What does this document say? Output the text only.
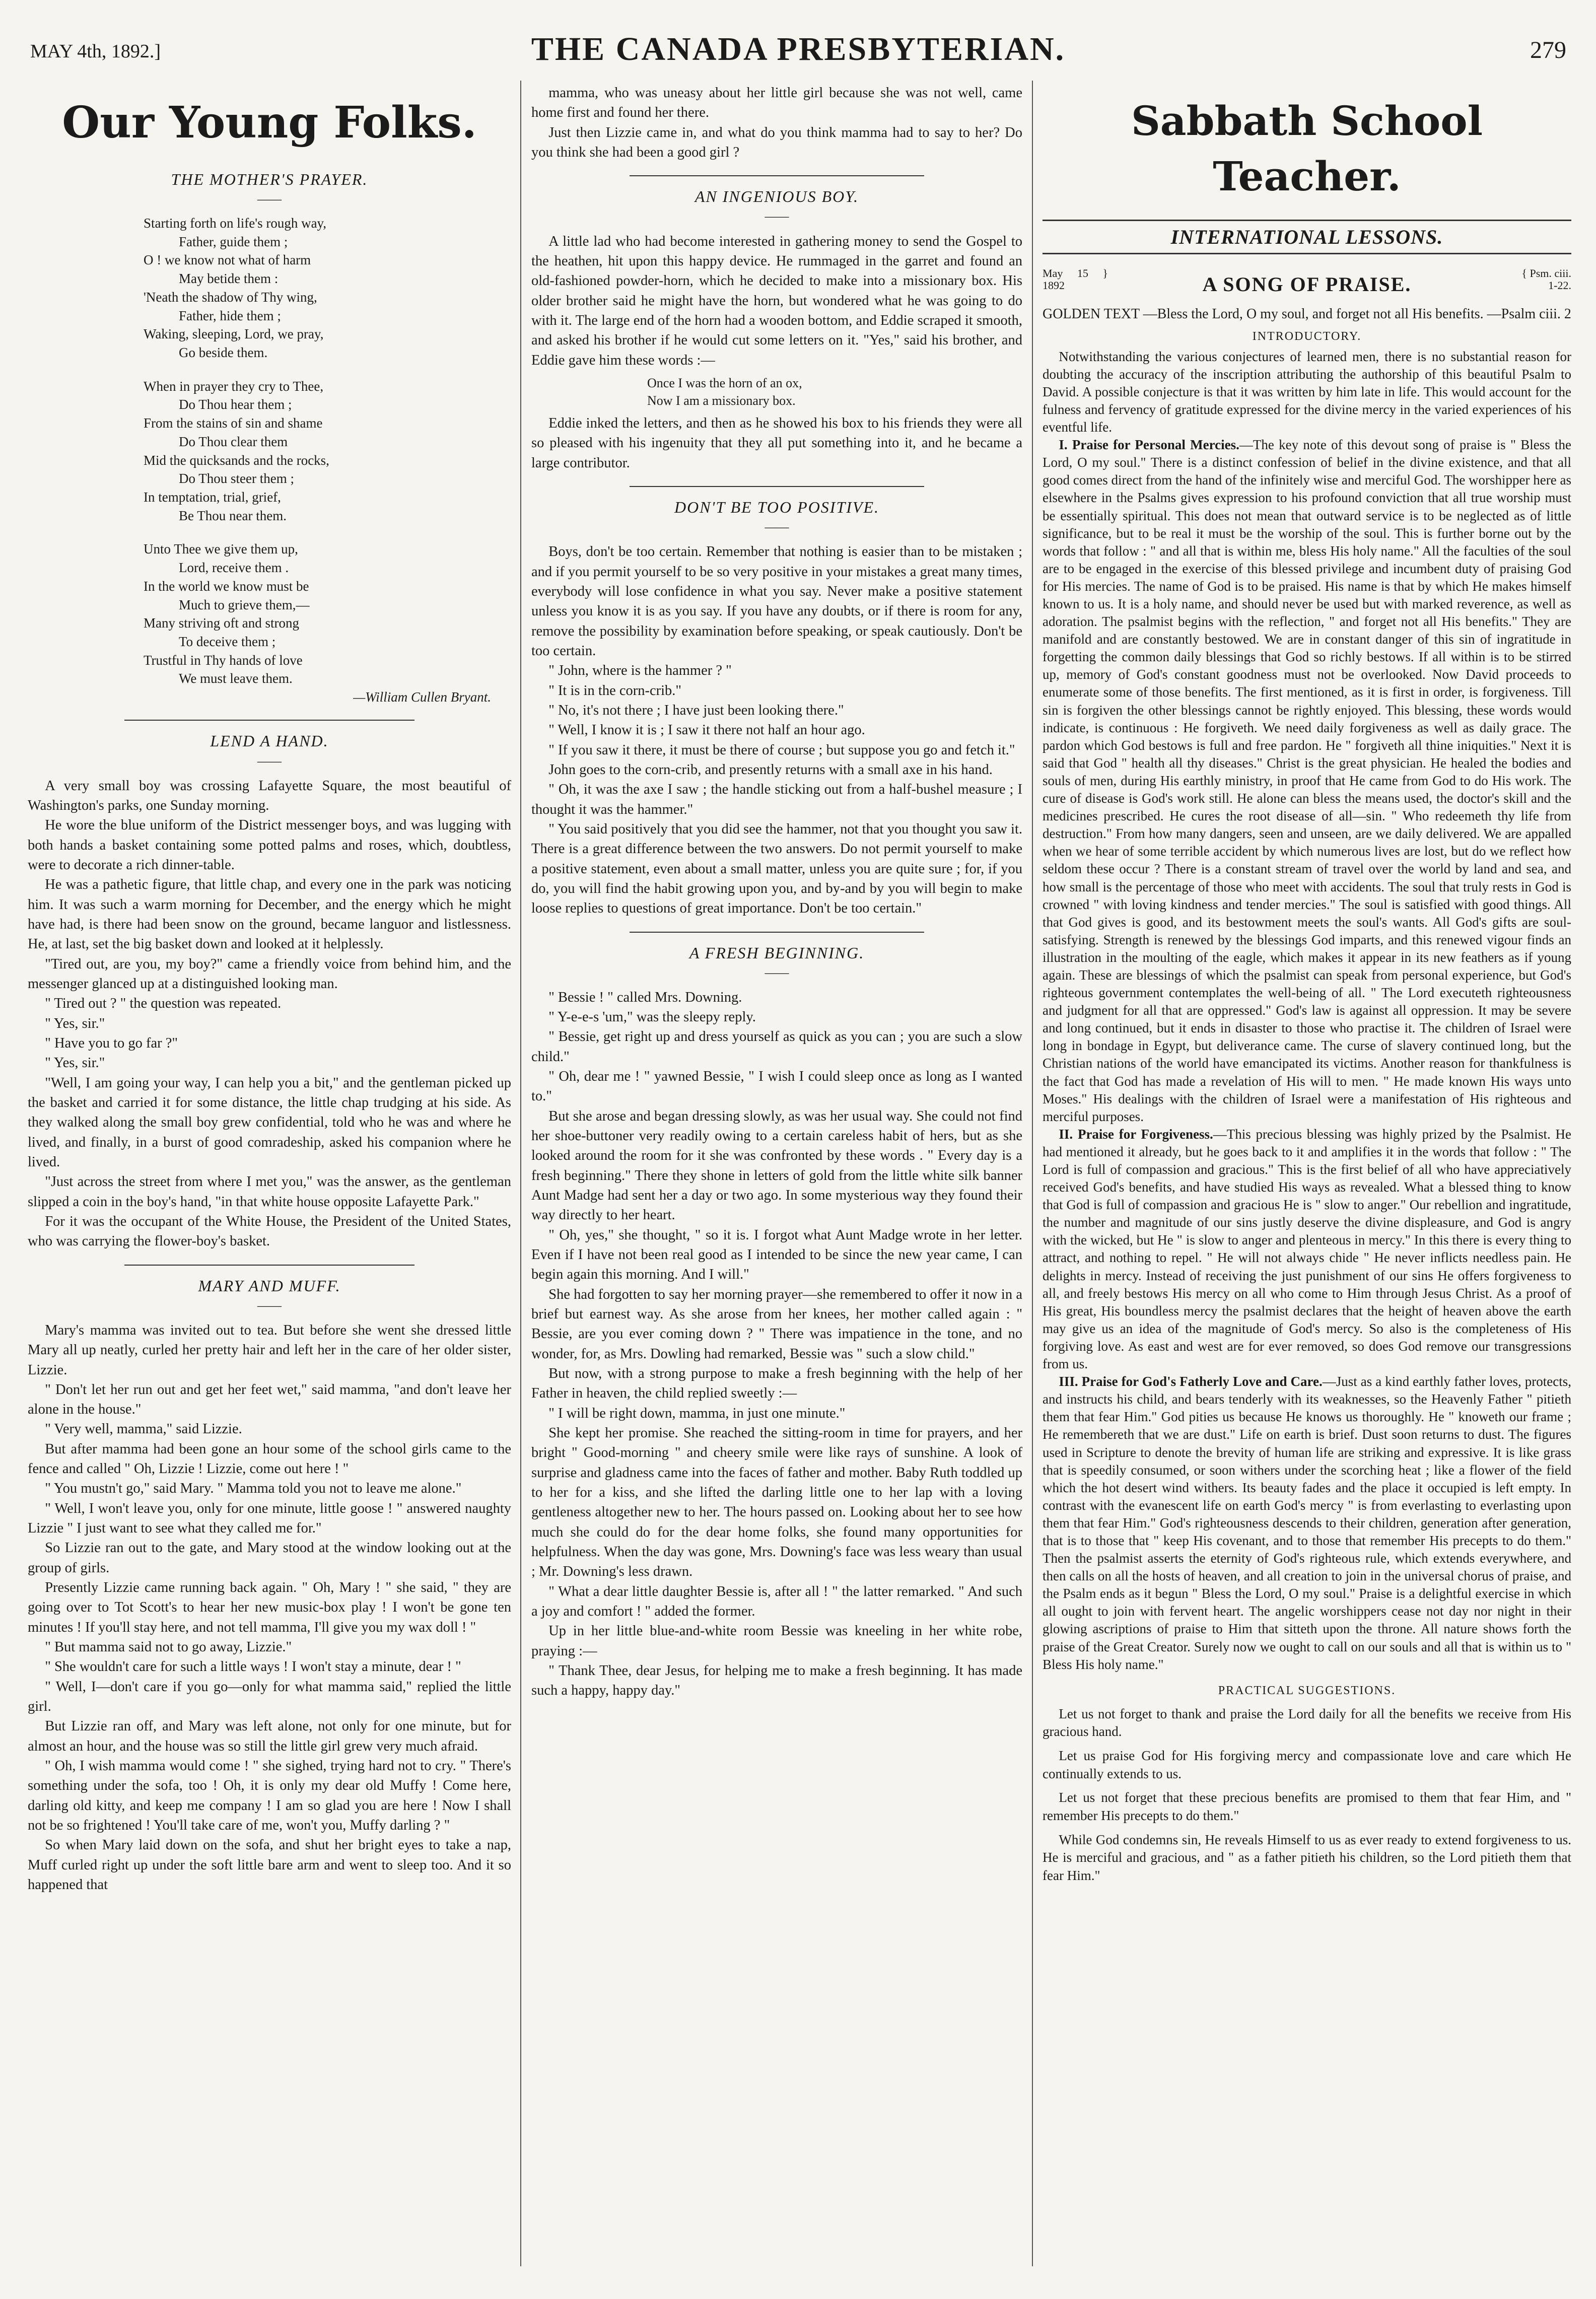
MAY 4th, 1892.]	THE CANADA PRESBYTERIAN.	279
Our Young Folks.
THE MOTHER'S PRAYER.
——
Starting forth on life's rough way,
Father, guide them ;
O ! we know not what of harm
May betide them :
'Neath the shadow of Thy wing,
Father, hide them ;
Waking, sleeping, Lord, we pray,
Go beside them.
When in prayer they cry to Thee,
Do Thou hear them ;
From the stains of sin and shame
Do Thou clear them
Mid the quicksands and the rocks,
Do Thou steer them ;
In temptation, trial, grief,
Be Thou near them.
Unto Thee we give them up,
Lord, receive them .
In the world we know must be
Much to grieve them,—
Many striving oft and strong
To deceive them ;
Trustful in Thy hands of love
We must leave them.
—William Cullen Bryant.
LEND A HAND.
——

A very small boy was crossing Lafayette Square, the most beautiful of Washington's parks, one Sunday morning.

He wore the blue uniform of the District messenger boys, and was lugging with both hands a basket containing some potted palms and roses, which, doubtless, were to decorate a rich dinner-table.

He was a pathetic figure, that little chap, and every one in the park was noticing him. It was such a warm morning for December, and the energy which he might have had, is there had been snow on the ground, became languor and listlessness. He, at last, set the big basket down and looked at it helplessly.

"Tired out, are you, my boy?" came a friendly voice from behind him, and the messenger glanced up at a distinguished looking man.

" Tired out ? " the question was repeated.

" Yes, sir."

" Have you to go far ?"

" Yes, sir."

"Well, I am going your way, I can help you a bit," and the gentleman picked up the basket and carried it for some distance, the little chap trudging at his side. As they walked along the small boy grew confidential, told who he was and where he lived, and finally, in a burst of good comradeship, asked his companion where he lived.

"Just across the street from where I met you," was the answer, as the gentleman slipped a coin in the boy's hand, "in that white house opposite Lafayette Park."

For it was the occupant of the White House, the President of the United States, who was carrying the flower-boy's basket.

MARY AND MUFF.
——

Mary's mamma was invited out to tea. But before she went she dressed little Mary all up neatly, curled her pretty hair and left her in the care of her older sister, Lizzie.

" Don't let her run out and get her feet wet," said mamma, "and don't leave her alone in the house."

" Very well, mamma," said Lizzie.

But after mamma had been gone an hour some of the school girls came to the fence and called " Oh, Lizzie ! Lizzie, come out here ! "

" You mustn't go," said Mary. " Mamma told you not to leave me alone."

" Well, I won't leave you, only for one minute, little goose ! " answered naughty Lizzie " I just want to see what they called me for."

So Lizzie ran out to the gate, and Mary stood at the window looking out at the group of girls.

Presently Lizzie came running back again. " Oh, Mary ! " she said, " they are going over to Tot Scott's to hear her new music-box play ! I won't be gone ten minutes ! If you'll stay here, and not tell mamma, I'll give you my wax doll ! "

" But mamma said not to go away, Lizzie."

" She wouldn't care for such a little ways ! I won't stay a minute, dear ! "

" Well, I—don't care if you go—only for what mamma said," replied the little girl.

But Lizzie ran off, and Mary was left alone, not only for one minute, but for almost an hour, and the house was so still the little girl grew very much afraid.

" Oh, I wish mamma would come ! " she sighed, trying hard not to cry. " There's something under the sofa, too ! Oh, it is only my dear old Muffy ! Come here, darling old kitty, and keep me company ! I am so glad you are here ! Now I shall not be so frightened ! You'll take care of me, won't you, Muffy darling ? "

So when Mary laid down on the sofa, and shut her bright eyes to take a nap, Muff curled right up under the soft little bare arm and went to sleep too. And it so happened that

mamma, who was uneasy about her little girl because she was not well, came home first and found her there.

Just then Lizzie came in, and what do you think mamma had to say to her? Do you think she had been a good girl ?

AN INGENIOUS BOY.
——

A little lad who had become interested in gathering money to send the Gospel to the heathen, hit upon this happy device. He rummaged in the garret and found an old-fashioned powder-horn, which he decided to make into a missionary box. His older brother said he might have the horn, but wondered what he was going to do with it. The large end of the horn had a wooden bottom, and Eddie scraped it smooth, and asked his brother if he would cut some letters on it. "Yes," said his brother, and Eddie gave him these words :—

Once I was the horn of an ox,
Now I am a missionary box.

Eddie inked the letters, and then as he showed his box to his friends they were all so pleased with his ingenuity that they all put something into it, and he became a large contributor.

DON'T BE TOO POSITIVE.
——

Boys, don't be too certain. Remember that nothing is easier than to be mistaken ; and if you permit yourself to be so very positive in your mistakes a great many times, everybody will lose confidence in what you say. Never make a positive statement unless you know it is as you say. If you have any doubts, or if there is room for any, remove the possibility by examination before speaking, or speak cautiously. Don't be too certain.

" John, where is the hammer ? "

" It is in the corn-crib."

" No, it's not there ; I have just been looking there."

" Well, I know it is ; I saw it there not half an hour ago.

" If you saw it there, it must be there of course ; but suppose you go and fetch it."

John goes to the corn-crib, and presently returns with a small axe in his hand.

" Oh, it was the axe I saw ; the handle sticking out from a half-bushel measure ; I thought it was the hammer."

" You said positively that you did see the hammer, not that you thought you saw it. There is a great difference between the two answers. Do not permit yourself to make a positive statement, even about a small matter, unless you are quite sure ; for, if you do, you will find the habit growing upon you, and by-and by you will begin to make loose replies to questions of great importance. Don't be too certain."

A FRESH BEGINNING.
——

" Bessie ! " called Mrs. Downing.

" Y-e-e-s 'um," was the sleepy reply.

" Bessie, get right up and dress yourself as quick as you can ; you are such a slow child."

" Oh, dear me ! " yawned Bessie, " I wish I could sleep once as long as I wanted to."

But she arose and began dressing slowly, as was her usual way. She could not find her shoe-buttoner very readily owing to a certain careless habit of hers, but as she looked around the room for it she was confronted by these words . " Every day is a fresh beginning." There they shone in letters of gold from the little white silk banner Aunt Madge had sent her a day or two ago. In some mysterious way they found their way directly to her heart.

" Oh, yes," she thought, " so it is. I forgot what Aunt Madge wrote in her letter. Even if I have not been real good as I intended to be since the new year came, I can begin again this morning. And I will."

She had forgotten to say her morning prayer—she remembered to offer it now in a brief but earnest way. As she arose from her knees, her mother called again : " Bessie, are you ever coming down ? " There was impatience in the tone, and no wonder, for, as Mrs. Dowling had remarked, Bessie was " such a slow child."

But now, with a strong purpose to make a fresh beginning with the help of her Father in heaven, the child replied sweetly :—

" I will be right down, mamma, in just one minute."

She kept her promise. She reached the sitting-room in time for prayers, and her bright " Good-morning " and cheery smile were like rays of sunshine. A look of surprise and gladness came into the faces of father and mother. Baby Ruth toddled up to her for a kiss, and she lifted the darling little one to her lap with a loving gentleness altogether new to her. The hours passed on. Looking about her to see how much she could do for the dear home folks, she found many opportunities for helpfulness. When the day was gone, Mrs. Downing's face was less weary than usual ; Mr. Downing's less drawn.

" What a dear little daughter Bessie is, after all ! " the latter remarked. " And such a joy and comfort ! " added the former.

Up in her little blue-and-white room Bessie was kneeling in her white robe, praying :—

" Thank Thee, dear Jesus, for helping me to make a fresh beginning. It has made such a happy, happy day."

Sabbath School Teacher.
INTERNATIONAL LESSONS.
May 15 } 1892	A SONG OF PRAISE.	{ Psm. ciii. 1-22.
GOLDEN TEXT —Bless the Lord, O my soul, and forget not all His benefits. —Psalm ciii. 2
INTRODUCTORY.

Notwithstanding the various conjectures of learned men, there is no substantial reason for doubting the accuracy of the inscription attributing the authorship of this beautiful Psalm to David. A possible conjecture is that it was written by him late in life. This would account for the fulness and fervency of gratitude expressed for the divine mercy in the varied experiences of his eventful life.

I. Praise for Personal Mercies.—The key note of this devout song of praise is " Bless the Lord, O my soul." There is a distinct confession of belief in the divine existence, and that all good comes direct from the hand of the infinitely wise and merciful God. The worshipper here as elsewhere in the Psalms gives expression to his profound conviction that all true worship must be essentially spiritual. This does not mean that outward service is to be neglected as of little significance, but to be real it must be the worship of the soul. This is further borne out by the words that follow : " and all that is within me, bless His holy name." All the faculties of the soul are to be engaged in the exercise of this blessed privilege and incumbent duty of praising God for His mercies. The name of God is to be praised. His name is that by which He makes himself known to us. It is a holy name, and should never be used but with marked reverence, as well as adoration. The psalmist begins with the reflection, " and forget not all His benefits." They are manifold and are constantly bestowed. We are in constant danger of this sin of ingratitude in forgetting the common daily blessings that God so richly bestows. If all within is to be stirred up, memory of God's constant goodness must not be overlooked. Now David proceeds to enumerate some of those benefits. The first mentioned, as it is first in order, is forgiveness. Till sin is forgiven the other blessings cannot be rightly enjoyed. This blessing, these words would indicate, is continuous : He forgiveth. We need daily forgiveness as well as daily grace. The pardon which God bestows is full and free pardon. He " forgiveth all thine iniquities." Next it is said that God " health all thy diseases." Christ is the great physician. He healed the bodies and souls of men, during His earthly ministry, in proof that He came from God to do His work. The cure of disease is God's work still. He alone can bless the means used, the doctor's skill and the medicines prescribed. He cures the root disease of all—sin. " Who redeemeth thy life from destruction." From how many dangers, seen and unseen, are we daily delivered. We are appalled when we hear of some terrible accident by which numerous lives are lost, but do we reflect how seldom these occur ? There is a constant stream of travel over the world by land and sea, and how small is the percentage of those who meet with accidents. The soul that truly rests in God is crowned " with loving kindness and tender mercies." The soul is satisfied with good things. All that God gives is good, and its bestowment meets the soul's wants. All God's gifts are soul-satisfying. Strength is renewed by the blessings God imparts, and this renewed vigour finds an illustration in the moulting of the eagle, which makes it appear in its new feathers as if young again. These are blessings of which the psalmist can speak from personal experience, but God's righteous government contemplates the well-being of all. " The Lord executeth righteousness and judgment for all that are oppressed." God's law is against all oppression. It may be severe and long continued, but it ends in disaster to those who practise it. The children of Israel were long in bondage in Egypt, but deliverance came. The curse of slavery continued long, but the Christian nations of the world have emancipated its victims. Another reason for thankfulness is the fact that God has made a revelation of His will to men. " He made known His ways unto Moses." His dealings with the children of Israel were a manifestation of His righteous and merciful purposes.

II. Praise for Forgiveness.—This precious blessing was highly prized by the Psalmist. He had mentioned it already, but he goes back to it and amplifies it in the words that follow : " The Lord is full of compassion and gracious." This is the first belief of all who have appreciatively received God's benefits, and have studied His ways as revealed. What a blessed thing to know that God is full of compassion and gracious He is " slow to anger." Our rebellion and ingratitude, the number and magnitude of our sins justly deserve the divine displeasure, and God is angry with the wicked, but He " is slow to anger and plenteous in mercy." In this there is every thing to attract, and nothing to repel. " He will not always chide " He never inflicts needless pain. He delights in mercy. Instead of receiving the just punishment of our sins He offers forgiveness to all, and freely bestows His mercy on all who come to Him through Jesus Christ. As a proof of His great, His boundless mercy the psalmist declares that the height of heaven above the earth may give us an idea of the magnitude of God's mercy. So also is the completeness of His forgiving love. As east and west are for ever removed, so does God remove our transgressions from us.

III. Praise for God's Fatherly Love and Care.—Just as a kind earthly father loves, protects, and instructs his child, and bears tenderly with its weaknesses, so the Heavenly Father " pitieth them that fear Him." God pities us because He knows us thoroughly. He " knoweth our frame ; He remembereth that we are dust." Life on earth is brief. Dust soon returns to dust. The figures used in Scripture to denote the brevity of human life are striking and expressive. It is like grass that is speedily consumed, or soon withers under the scorching heat ; like a flower of the field which the hot desert wind withers. Its beauty fades and the place it occupied is left empty. In contrast with the evanescent life on earth God's mercy " is from everlasting to everlasting upon them that fear Him." God's righteousness descends to their children, generation after generation, that is to those that " keep His covenant, and to those that remember His precepts to do them." Then the psalmist asserts the eternity of God's righteous rule, which extends everywhere, and then calls on all the hosts of heaven, and all creation to join in the universal chorus of praise, and the Psalm ends as it begun " Bless the Lord, O my soul." Praise is a delightful exercise in which all ought to join with fervent heart. The angelic worshippers cease not day nor night in their glowing ascriptions of praise to Him that sitteth upon the throne. All nature shows forth the praise of the Great Creator. Surely now we ought to call on our souls and all that is within us to " Bless His holy name."

PRACTICAL SUGGESTIONS.

Let us not forget to thank and praise the Lord daily for all the benefits we receive from His gracious hand.

Let us praise God for His forgiving mercy and compassionate love and care which He continually extends to us.

Let us not forget that these precious benefits are promised to them that fear Him, and " remember His precepts to do them."

While God condemns sin, He reveals Himself to us as ever ready to extend forgiveness to us. He is merciful and gracious, and " as a father pitieth his children, so the Lord pitieth them that fear Him."
